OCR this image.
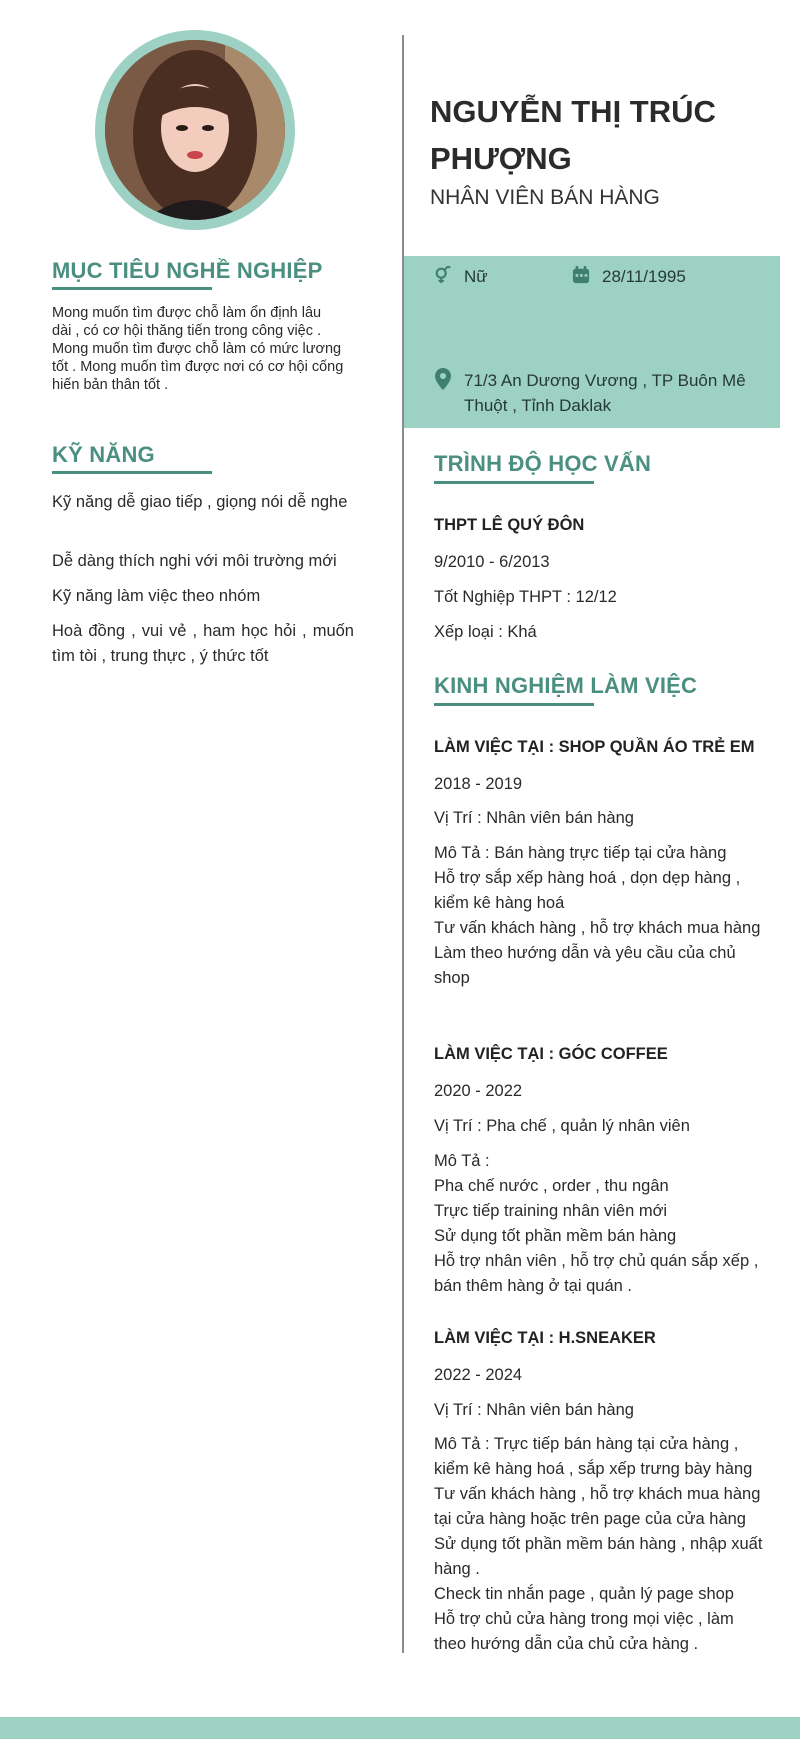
MỤC TIÊU NGHỀ NGHIỆP
Mong muốn tìm được chỗ làm ổn định lâu dài , có cơ hội thăng tiến trong công việc . Mong muốn tìm được chỗ làm có mức lương tốt . Mong muốn tìm được nơi có cơ hội cống hiến bản thân tốt .
KỸ NĂNG
Kỹ năng dễ giao tiếp , giọng nói dễ nghe
Dễ dàng thích nghi với môi trường mới
Kỹ năng làm việc theo nhóm
Hoà đồng , vui vẻ , ham học hỏi , muốn tìm tòi , trung thực , ý thức tốt
NGUYỄN THỊ TRÚC PHƯỢNG
NHÂN VIÊN BÁN HÀNG
Nữ	28/11/1995
71/3 An Dương Vương , TP Buôn Mê Thuột , Tỉnh Daklak
TRÌNH ĐỘ HỌC VẤN
THPT LÊ QUÝ ĐÔN
9/2010 - 6/2013
Tốt Nghiệp THPT : 12/12
Xếp loại : Khá
KINH NGHIỆM LÀM VIỆC
LÀM VIỆC TẠI : SHOP QUẦN ÁO TRẺ EM
2018 - 2019
Vị Trí : Nhân viên bán hàng
Mô Tả : Bán hàng trực tiếp tại cửa hàng
Hỗ trợ sắp xếp hàng hoá , dọn dẹp hàng , kiểm kê hàng hoá
Tư vấn khách hàng , hỗ trợ khách mua hàng
Làm theo hướng dẫn và yêu cầu của chủ shop
LÀM VIỆC TẠI : GÓC COFFEE
2020 - 2022
Vị Trí : Pha chế , quản lý nhân viên
Mô Tả :
Pha chế nước , order , thu ngân
Trực tiếp training nhân viên mới
Sử dụng tốt phần mềm bán hàng
Hỗ trợ nhân viên , hỗ trợ chủ quán sắp xếp , bán thêm hàng ở tại quán .
LÀM VIỆC TẠI : H.SNEAKER
2022 - 2024
Vị Trí : Nhân viên bán hàng
Mô Tả : Trực tiếp bán hàng tại cửa hàng , kiểm kê hàng hoá , sắp xếp trưng bày hàng
Tư vấn khách hàng , hỗ trợ khách mua hàng tại cửa hàng hoặc trên page của cửa hàng
Sử dụng tốt phần mềm bán hàng , nhập xuất hàng .
Check tin nhắn page , quản lý page shop
Hỗ trợ chủ cửa hàng trong mọi việc , làm theo hướng dẫn của chủ cửa hàng .
